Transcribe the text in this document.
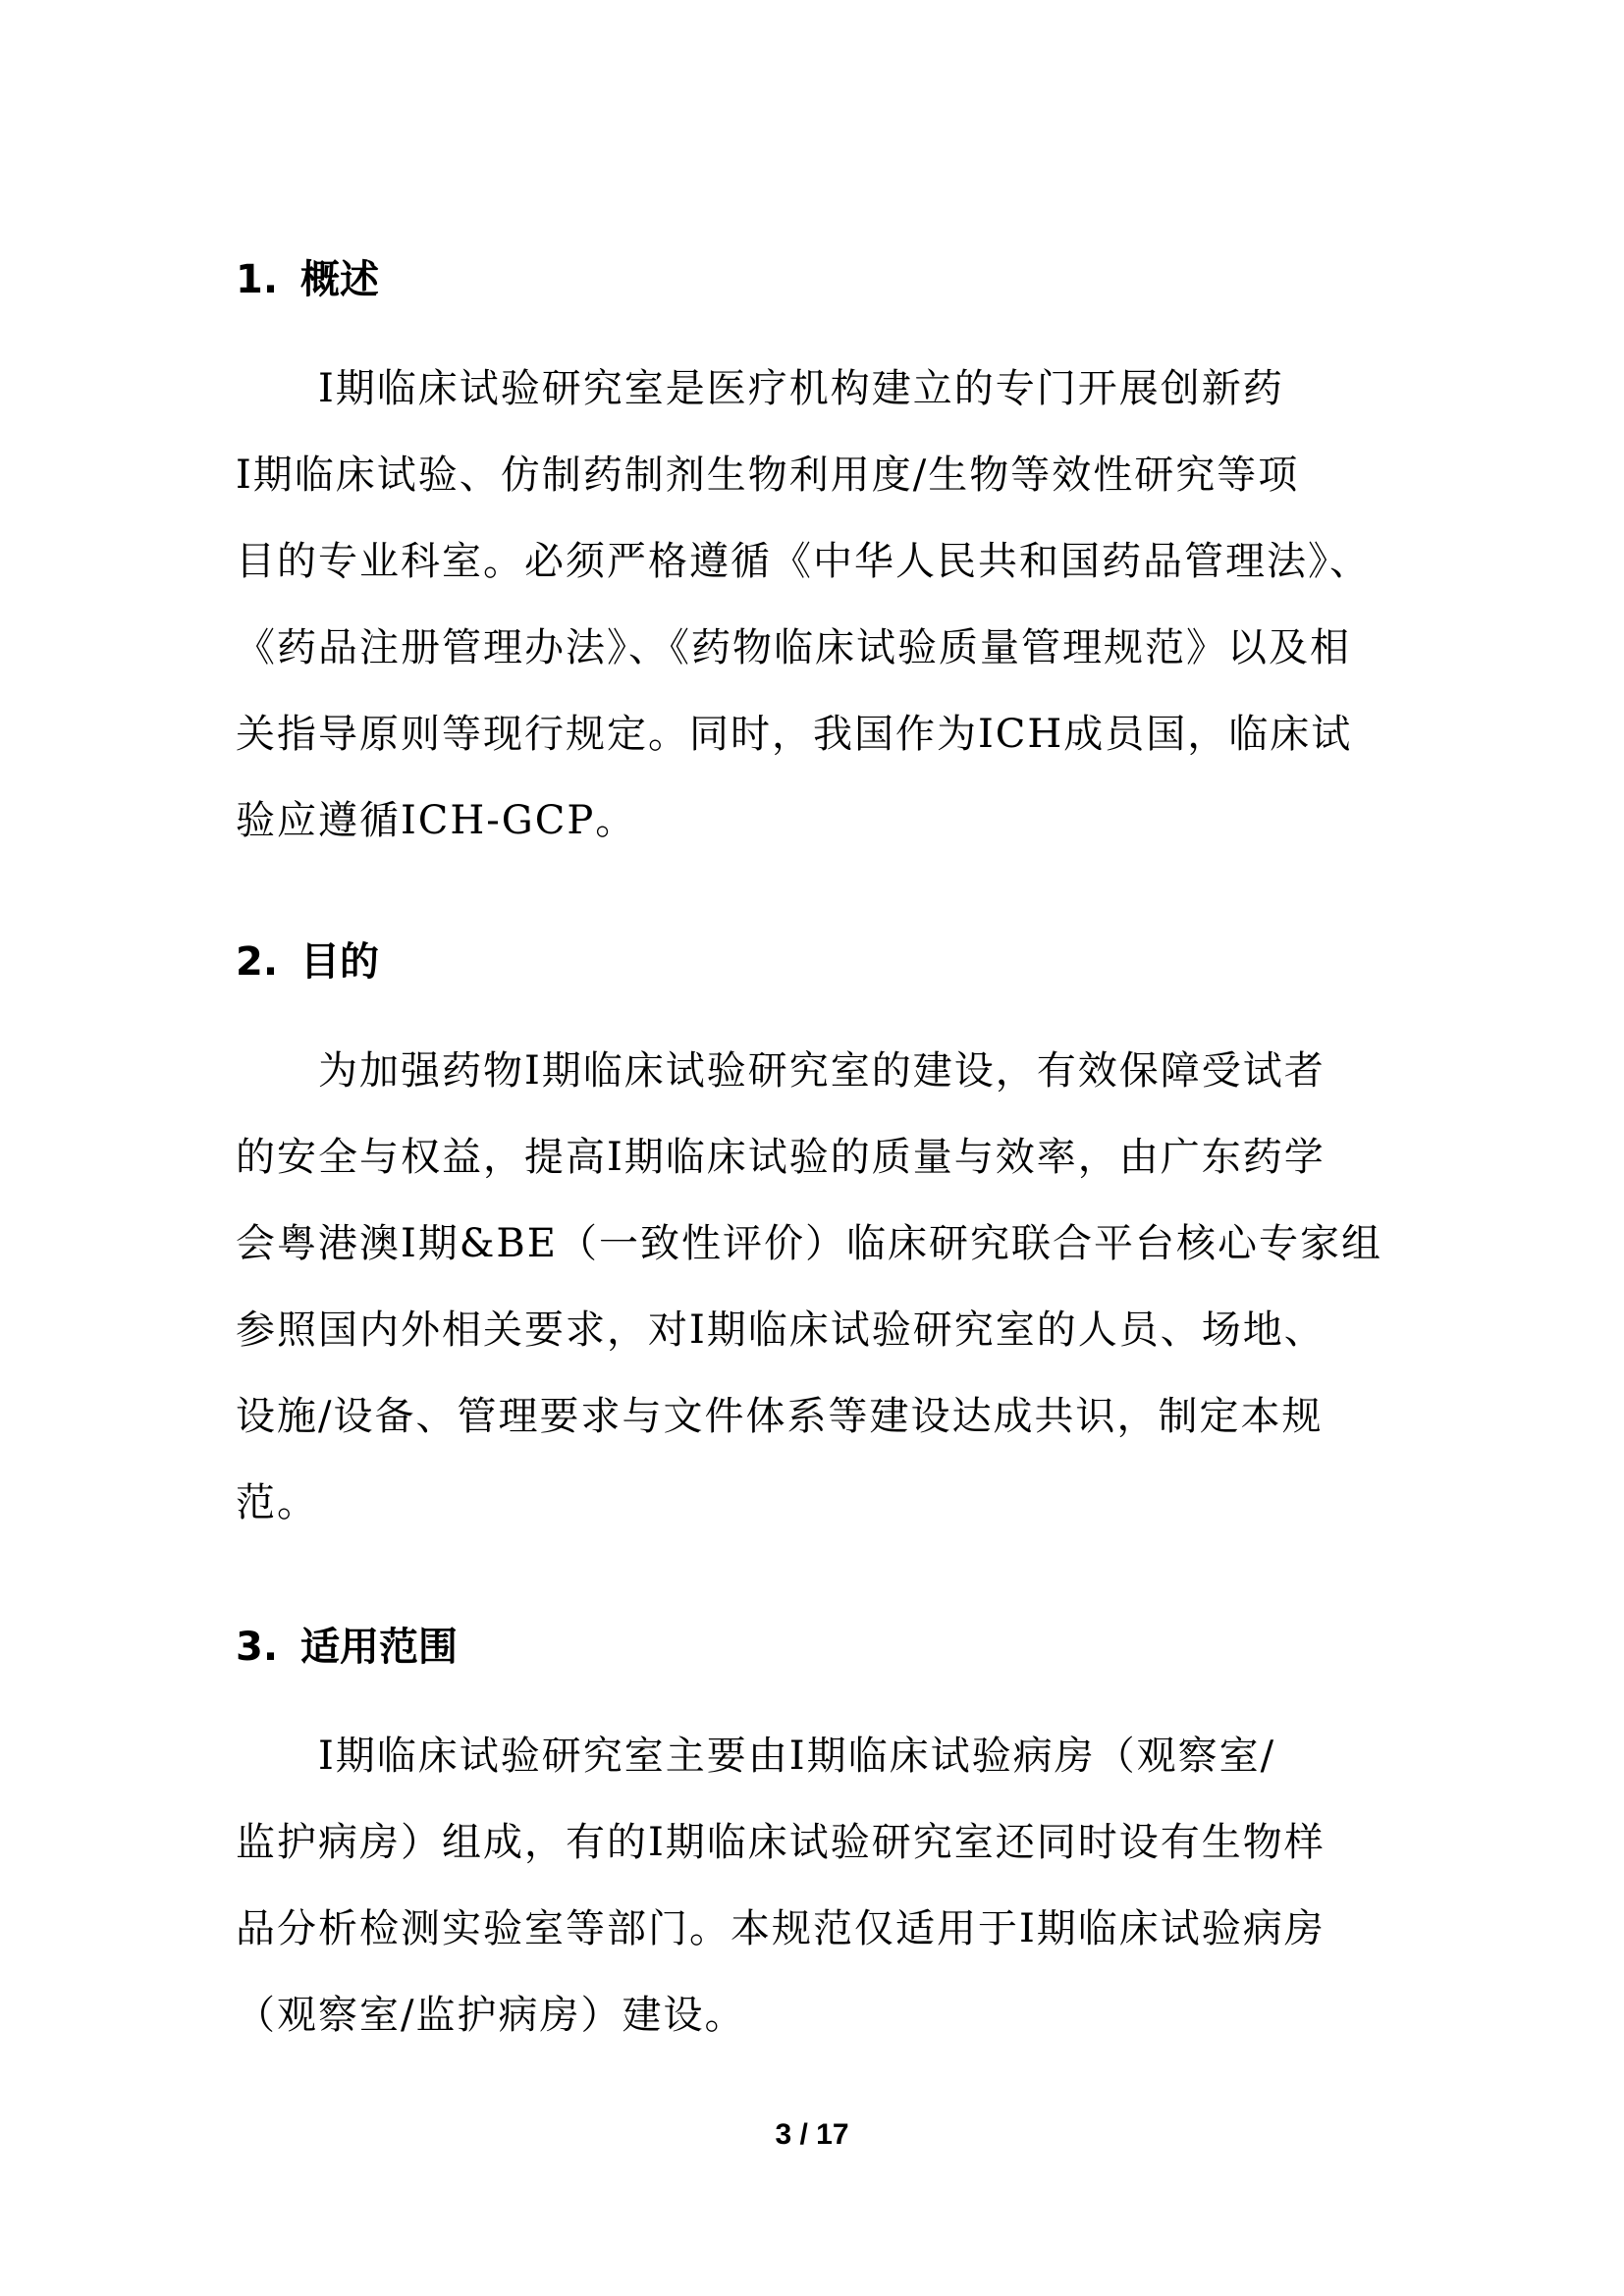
1. 概述
　　Ⅰ期临床试验研究室是医疗机构建立的专门开展创新药
Ⅰ期临床试验、仿制药制剂生物利用度/生物等效性研究等项
目的专业科室。必须严格遵循《中华人民共和国药品管理法》、
《药品注册管理办法》、《药物临床试验质量管理规范》以及相
关指导原则等现行规定。同时，我国作为ICH成员国，临床试
验应遵循ICH-GCP。
2. 目的
　　为加强药物Ⅰ期临床试验研究室的建设，有效保障受试者
的安全与权益，提高Ⅰ期临床试验的质量与效率，由广东药学
会粤港澳I期&BE（一致性评价）临床研究联合平台核心专家组
参照国内外相关要求，对Ⅰ期临床试验研究室的人员、场地、
设施/设备、管理要求与文件体系等建设达成共识，制定本规
范。
3. 适用范围
　　Ⅰ期临床试验研究室主要由Ⅰ期临床试验病房（观察室/
监护病房）组成，有的Ⅰ期临床试验研究室还同时设有生物样
品分析检测实验室等部门。本规范仅适用于Ⅰ期临床试验病房
（观察室/监护病房）建设。
3 / 17
